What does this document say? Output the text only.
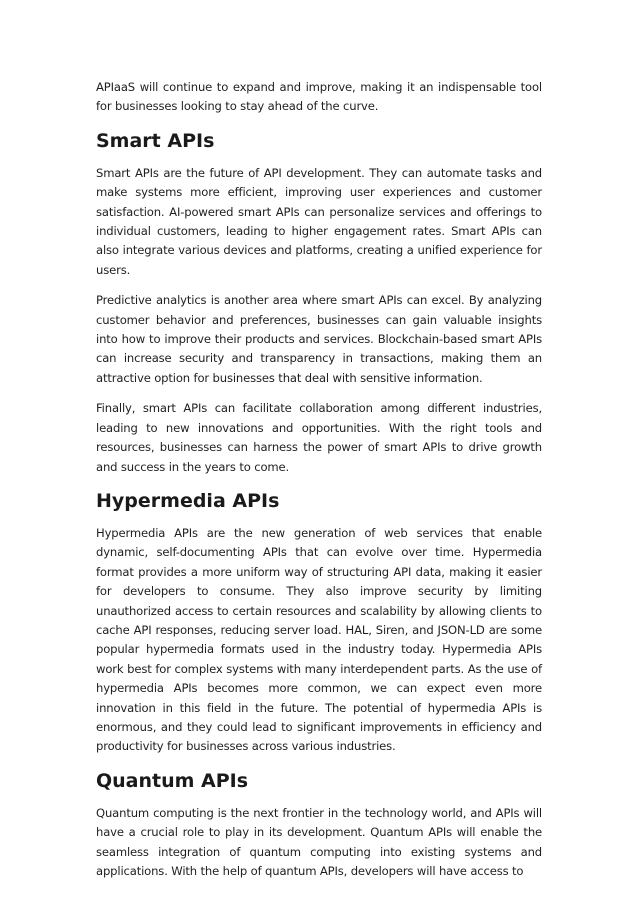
APIaaS will continue to expand and improve, making it an indispensable tool for businesses looking to stay ahead of the curve.

Smart APIs

Smart APIs are the future of API development. They can automate tasks and make systems more efficient, improving user experiences and customer satisfaction. AI-powered smart APIs can personalize services and offerings to individual customers, leading to higher engagement rates. Smart APIs can also integrate various devices and platforms, creating a unified experience for users.

Predictive analytics is another area where smart APIs can excel. By analyzing customer behavior and preferences, businesses can gain valuable insights into how to improve their products and services. Blockchain-based smart APIs can increase security and transparency in transactions, making them an attractive option for businesses that deal with sensitive information.

Finally, smart APIs can facilitate collaboration among different industries, leading to new innovations and opportunities. With the right tools and resources, businesses can harness the power of smart APIs to drive growth and success in the years to come.

Hypermedia APIs

Hypermedia APIs are the new generation of web services that enable dynamic, self-documenting APIs that can evolve over time. Hypermedia format provides a more uniform way of structuring API data, making it easier for developers to consume. They also improve security by limiting unauthorized access to certain resources and scalability by allowing clients to cache API responses, reducing server load. HAL, Siren, and JSON-LD are some popular hypermedia formats used in the industry today. Hypermedia APIs work best for complex systems with many interdependent parts. As the use of hypermedia APIs becomes more common, we can expect even more innovation in this field in the future. The potential of hypermedia APIs is enormous, and they could lead to significant improvements in efficiency and productivity for businesses across various industries.

Quantum APIs

Quantum computing is the next frontier in the technology world, and APIs will have a crucial role to play in its development. Quantum APIs will enable the seamless integration of quantum computing into existing systems and applications. With the help of quantum APIs, developers will have access to
